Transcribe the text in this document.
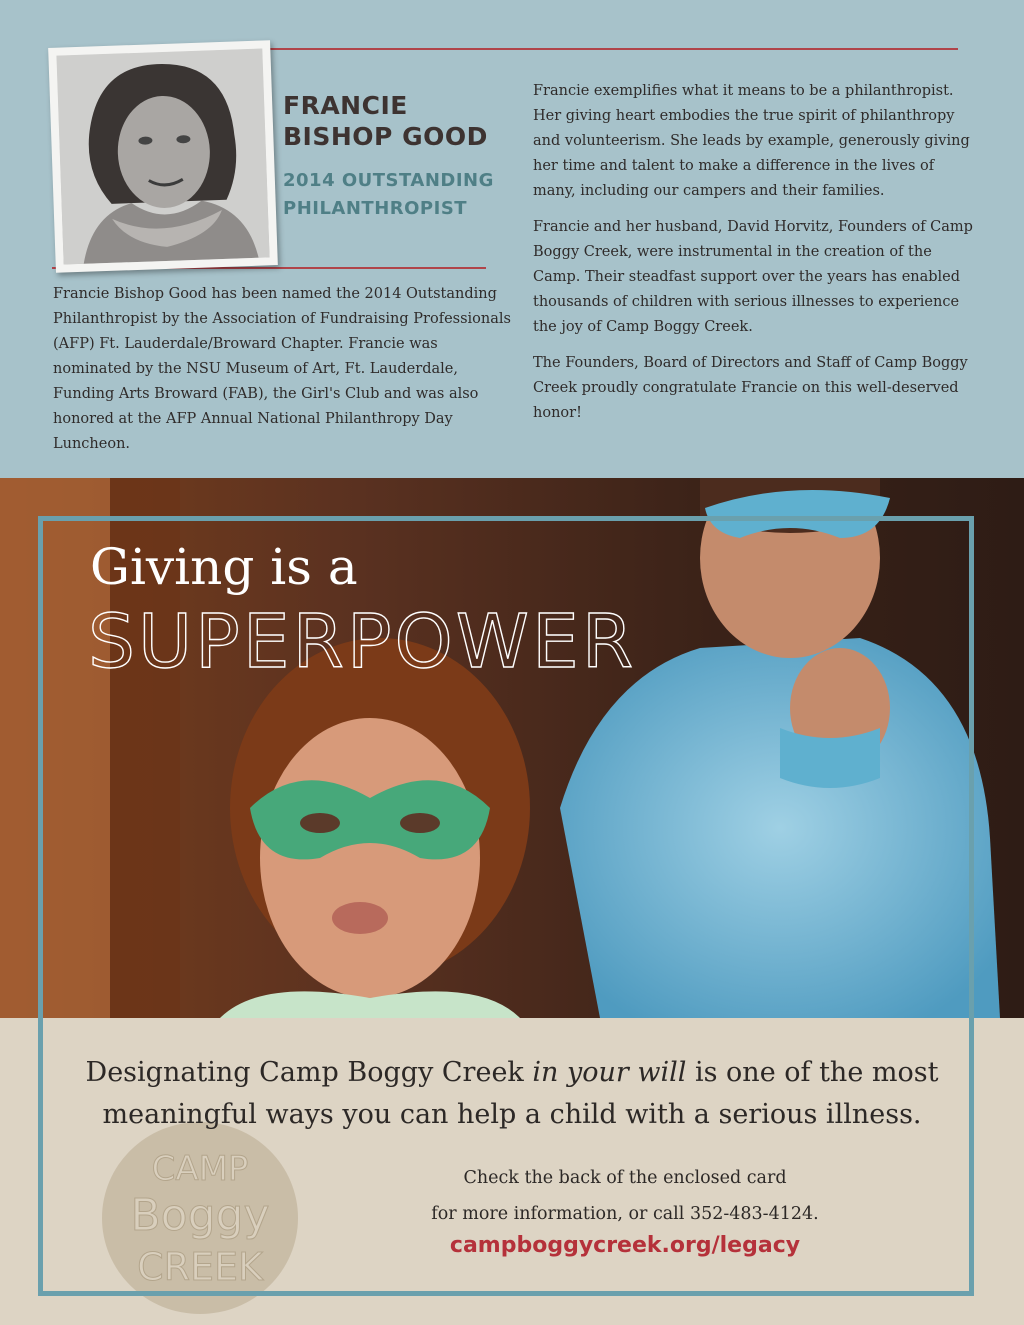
FRANCIE
BISHOP GOOD
2014 OUTSTANDING
PHILANTHROPIST

Francie Bishop Good has been named the 2014 Outstanding Philanthropist by the Association of Fundraising Professionals (AFP) Ft. Lauderdale/Broward Chapter. Francie was nominated by the NSU Museum of Art, Ft. Lauderdale, Funding Arts Broward (FAB), the Girl's Club and was also honored at the AFP Annual National Philanthropy Day Luncheon.

Francie exemplifies what it means to be a philanthropist. Her giving heart embodies the true spirit of philanthropy and volunteerism. She leads by example, generously giving her time and talent to make a difference in the lives of many, including our campers and their families.

Francie and her husband, David Horvitz, Founders of Camp Boggy Creek, were instrumental in the creation of the Camp. Their steadfast support over the years has enabled thousands of children with serious illnesses to experience the joy of Camp Boggy Creek.

The Founders, Board of Directors and Staff of Camp Boggy Creek proudly congratulate Francie on this well-deserved honor!

Giving is a
SUPERPOWER
CAMP
Boggy
CREEK
Designating Camp Boggy Creek in your will is one of the most
meaningful ways you can help a child with a serious illness.
Check the back of the enclosed card
for more information, or call 352-483-4124.
campboggycreek.org/legacy
